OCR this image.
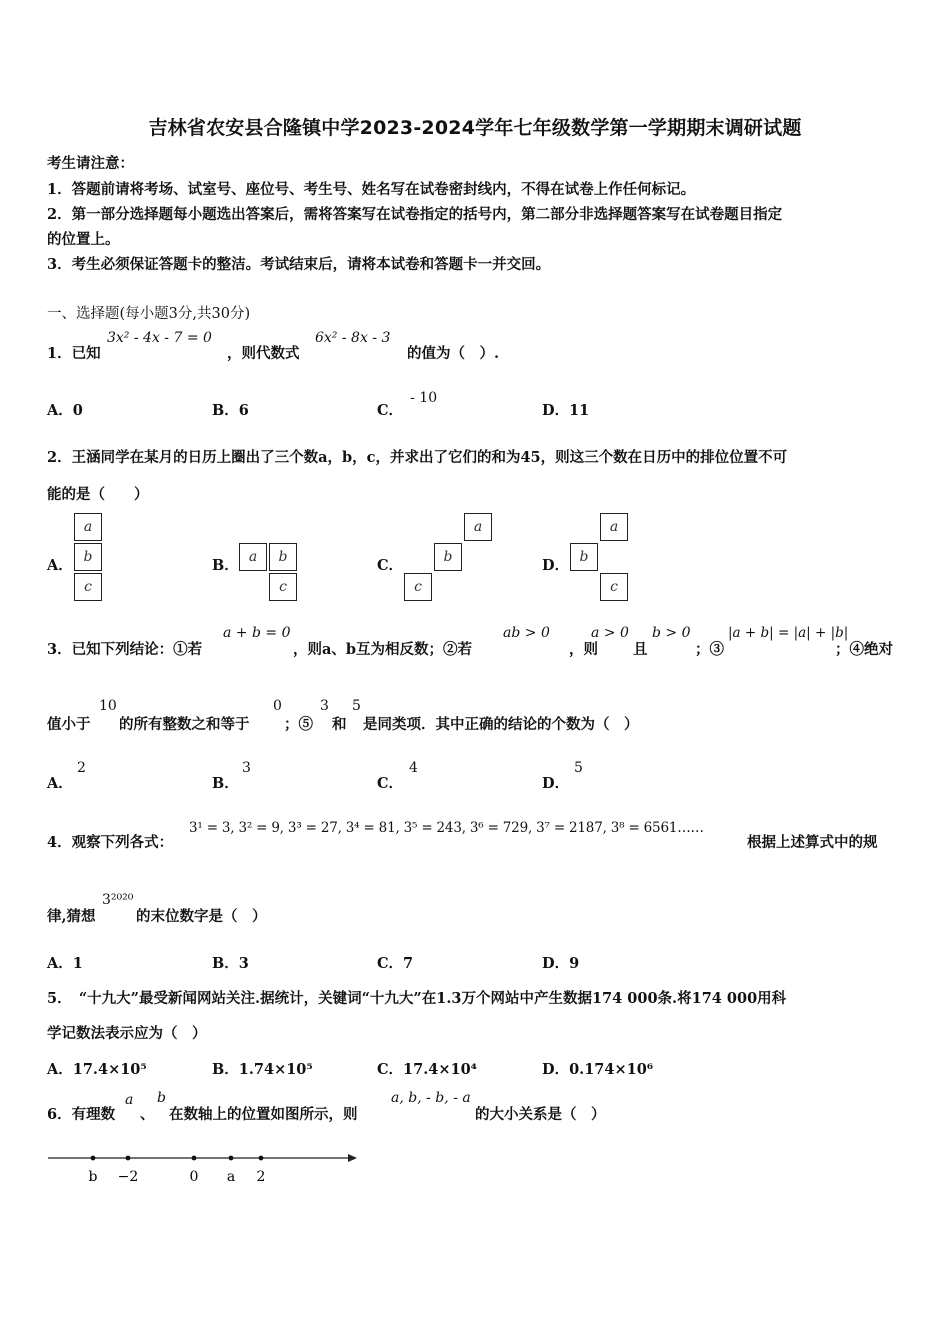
吉林省农安县合隆镇中学2023-2024学年七年级数学第一学期期末调研试题
考生请注意：
1．答题前请将考场、试室号、座位号、考生号、姓名写在试卷密封线内，不得在试卷上作任何标记。
2．第一部分选择题每小题选出答案后，需将答案写在试卷指定的括号内，第二部分非选择题答案写在试卷题目指定
的位置上。
3．考生必须保证答题卡的整洁。考试结束后，请将本试卷和答题卡一并交回。
一、选择题(每小题3分,共30分)
1．已知
3x² - 4x - 7 = 0
，则代数式
6x² - 8x - 3
的值为（　）.
A．0	B．6	C． - 10
D．11
2．王涵同学在某月的日历上圈出了三个数a，b，c，并求出了它们的和为45，则这三个数在日历中的排位位置不可
能的是（　　）
A．
a
b
c
B． a	b
c
C．
a
b
c
D．
a
b
c
3．已知下列结论：①若
a + b = 0
，则a、b互为相反数；②若
ab > 0
，则
a > 0
且
b > 0
；③
|a + b| = |a| + |b|
；④绝对
值小于
10
的所有整数之和等于
0
；⑤
3
和
5
是同类项．其中正确的结论的个数为（　）
A．
2
B．
3
C．
4
D．
5
4．观察下列各式：
3¹ = 3, 3² = 9, 3³ = 27, 3⁴ = 81, 3⁵ = 243, 3⁶ = 729, 3⁷ = 2187, 3⁸ = 6561……
根据上述算式中的规
律,猜想
3²⁰²⁰
的末位数字是（　）
A．1	B．3	C．7	D．9
5．　“十九大”最受新闻网站关注.据统计，关键词“十九大”在1.3万个网站中产生数据174 000条.将174 000用科
学记数法表示应为（　）
A．17.4×10⁵	B．1.74×10⁵	C．17.4×10⁴	D．0.174×10⁶
6．有理数
a
、
b
在数轴上的位置如图所示，则
a, b, - b, - a
的大小关系是（　）
b −2	0 a 2
